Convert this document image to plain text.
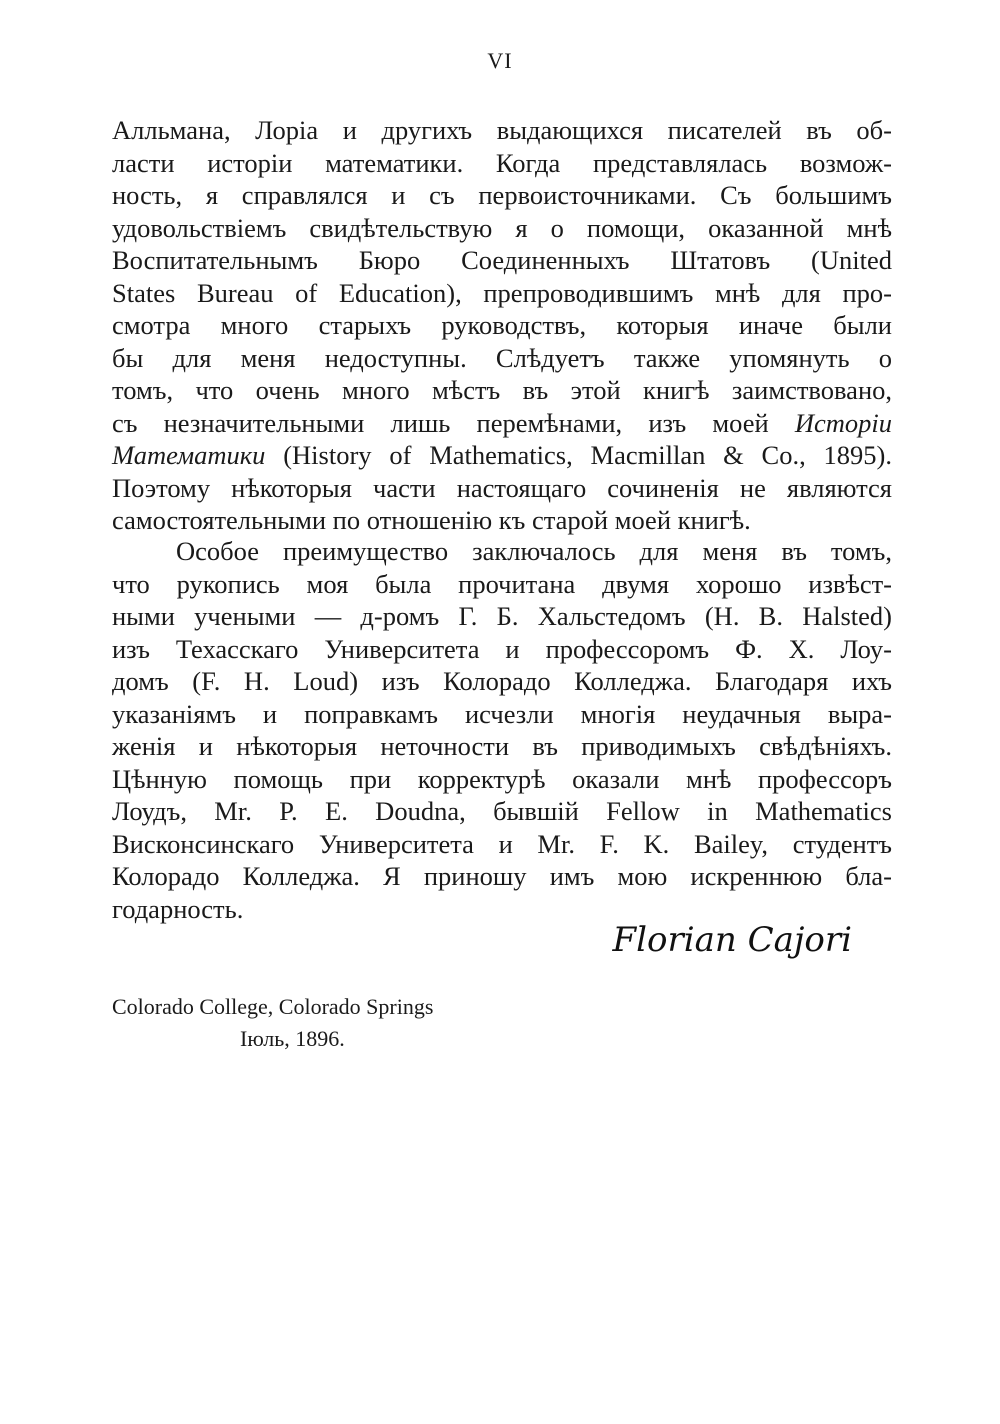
VI
Алльмана, Лоріа и другихъ выдающихся писателей въ об-
ласти исторіи математики. Когда представлялась возмож-
ность, я справлялся и съ первоисточниками. Съ большимъ
удовольствіемъ свидѣтельствую я о помощи, оказанной мнѣ
Воспитательнымъ Бюро Соединенныхъ Штатовъ (United
States Bureau of Education), препроводившимъ мнѣ для про-
смотра много старыхъ руководствъ, которыя иначе были
бы для меня недоступны. Слѣдуетъ также упомянуть о
томъ, что очень много мѣстъ въ этой книгѣ заимствовано,
съ незначительными лишь перемѣнами, изъ моей Исторіи
Математики (History of Mathematics, Macmillan & Co., 1895).
Поэтому нѣкоторыя части настоящаго сочиненія не являются
самостоятельными по отношенію къ старой моей книгѣ.
Особое преимущество заключалось для меня въ томъ,
что рукопись моя была прочитана двумя хорошо извѣст-
ными учеными — д-ромъ Г. Б. Хальстедомъ (H. B. Halsted)
изъ Техасскаго Университета и профессоромъ Ф. Х. Лоу-
домъ (F. H. Loud) изъ Колорадо Колледжа. Благодаря ихъ
указаніямъ и поправкамъ исчезли многія неудачныя выра-
женія и нѣкоторыя неточности въ приводимыхъ свѣдѣніяхъ.
Цѣнную помощь при корректурѣ оказали мнѣ профессоръ
Лоудъ, Mr. P. E. Doudna, бывшій Fellow in Mathematics
Висконсинскаго Университета и Mr. F. K. Bailey, студентъ
Колорадо Колледжа. Я приношу имъ мою искреннюю бла-
годарность.
Florian Cajori
Colorado College, Colorado Springs
Іюль, 1896.
